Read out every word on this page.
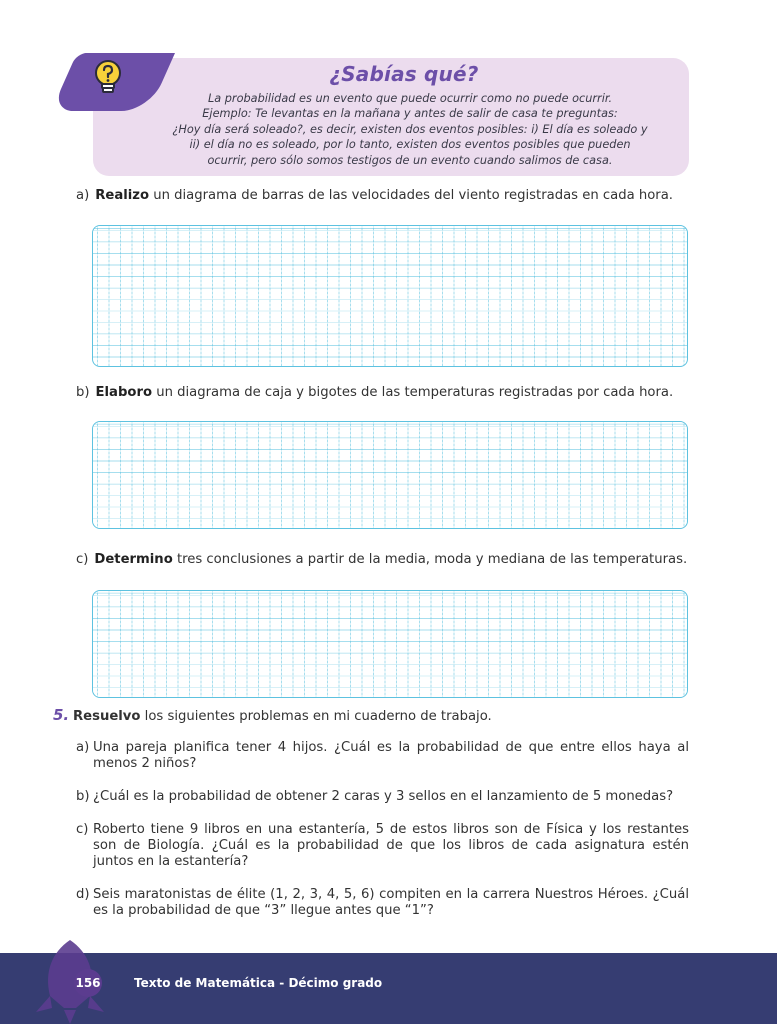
¿Sabías qué?
La probabilidad es un evento que puede ocurrir como no puede ocurrir.
Ejemplo: Te levantas en la mañana y antes de salir de casa te preguntas:
¿Hoy día será soleado?, es decir, existen dos eventos posibles: i) El día es soleado y
ii) el día no es soleado, por lo tanto, existen dos eventos posibles que pueden
ocurrir, pero sólo somos testigos de un evento cuando salimos de casa.
a) Realizo un diagrama de barras de las velocidades del viento registradas en cada hora.
b) Elaboro un diagrama de caja y bigotes de las temperaturas registradas por cada hora.
c) Determino tres conclusiones a partir de la media, moda y mediana de las temperaturas.
5. Resuelvo los siguientes problemas en mi cuaderno de trabajo.
a) Una pareja planifica tener 4 hijos. ¿Cuál es la probabilidad de que entre ellos haya al menos 2 niños?
b) ¿Cuál es la probabilidad de obtener 2 caras y 3 sellos en el lanzamiento de 5 monedas?
c) Roberto tiene 9 libros en una estantería, 5 de estos libros son de Física y los restantes son de Biología. ¿Cuál es la probabilidad de que los libros de cada asignatura estén juntos en la estantería?
d) Seis maratonistas de élite (1, 2, 3, 4, 5, 6) compiten en la carrera Nuestros Héroes. ¿Cuál es la probabilidad de que “3” llegue antes que “1”?
156	Texto de Matemática - Décimo grado
